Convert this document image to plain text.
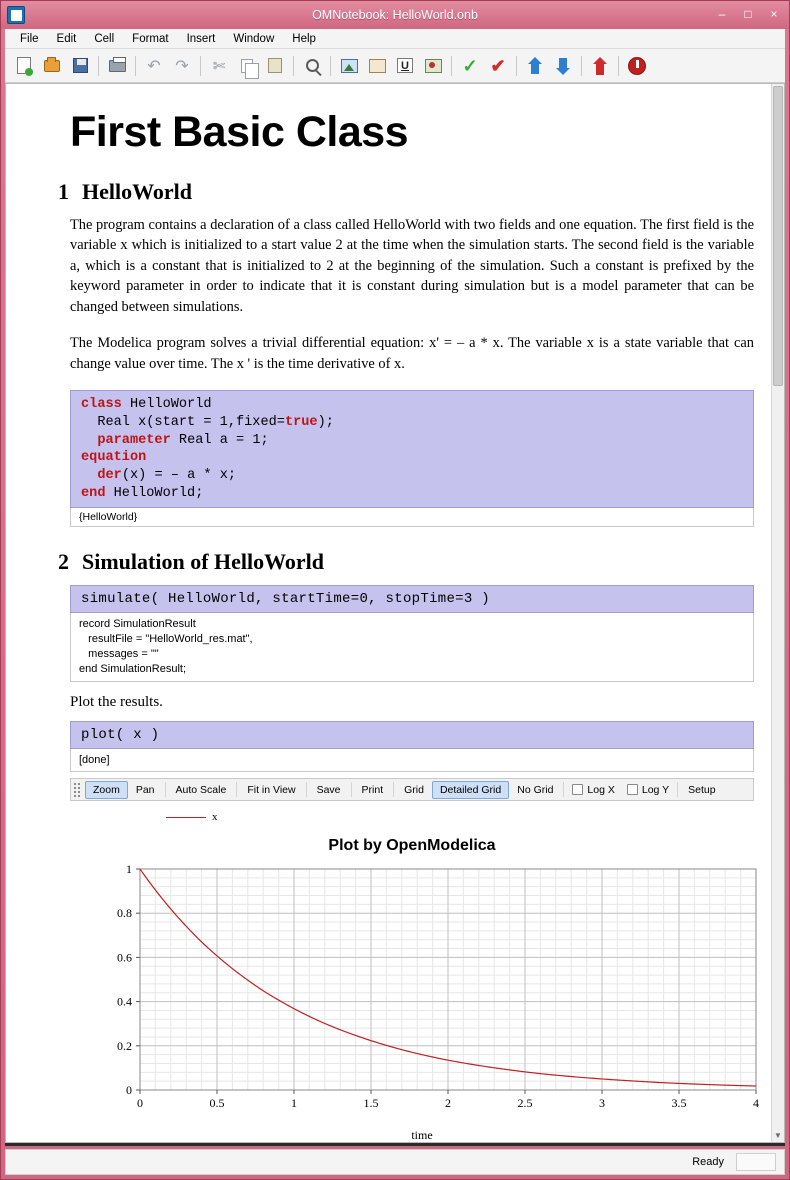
OMNotebook: HelloWorld.onb	–	□	×
File	Edit	Cell	Format	Insert	Window	Help
↶ ↷ ✄	U	✓ ✔
First Basic Class
1 HelloWorld

The program contains a declaration of a class called HelloWorld with two fields and one equation. The first field is the variable x which is initialized to a start value 2 at the time when the simulation starts. The second field is the variable a, which is a constant that is initialized to 2 at the beginning of the simulation. Such a constant is prefixed by the keyword parameter in order to indicate that it is constant during simulation but is a model parameter that can be changed between simulations.

The Modelica program solves a trivial differential equation: x' = – a * x. The variable x is a state variable that can change value over time. The x ' is the time derivative of x.

class HelloWorld
Real x(start = 1,fixed=true);
parameter Real a = 1;
equation
der(x) = – a * x;
end HelloWorld;
{HelloWorld}
2 Simulation of HelloWorld
simulate( HelloWorld, startTime=0, stopTime=3 )
record SimulationResult
resultFile = "HelloWorld_res.mat",
messages = ""
end SimulationResult;

Plot the results.

plot( x )
[done]
Zoom	Pan	Auto Scale	Fit in View	Save	Print	Grid	Detailed Grid	No Grid	Log X	Log Y	Setup
x
Plot by OpenModelica
0	0.5	1	1.5	2	2.5	3	3.5	4
0
0.2
0.4
0.6
0.8
1
time	▼
Ready
